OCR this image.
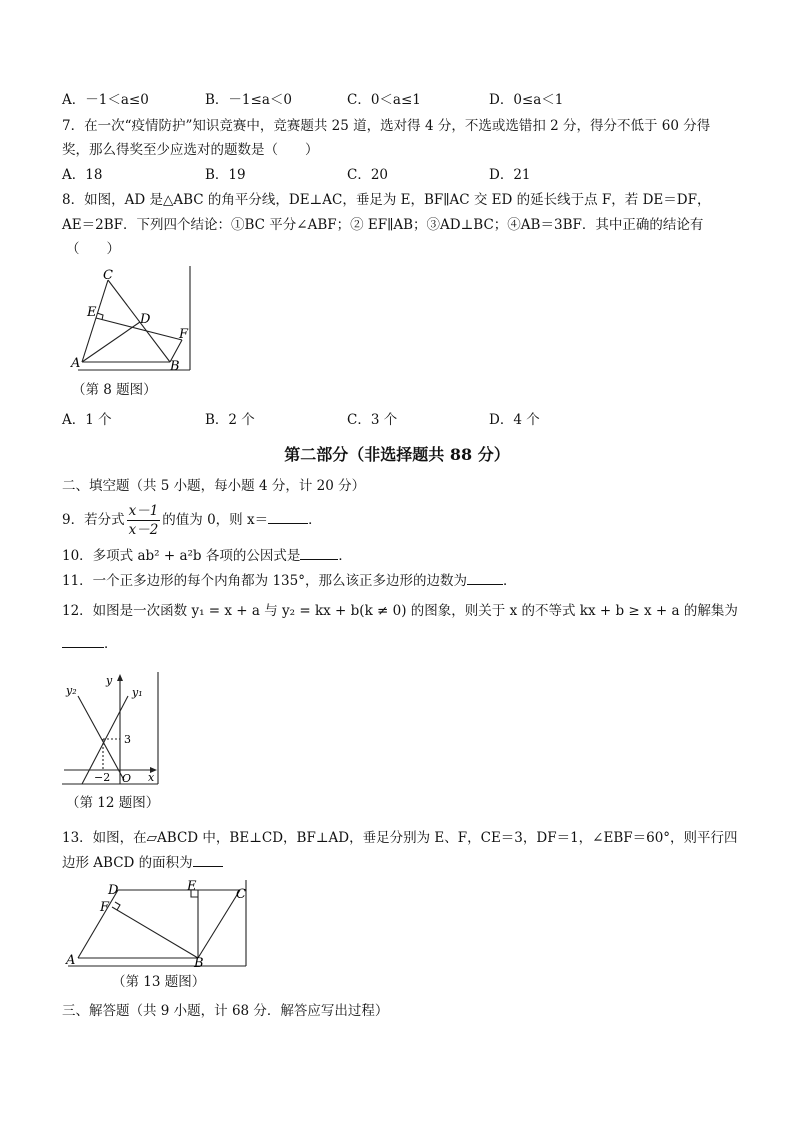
A．－1＜a≤0	B．－1≤a＜0	C．0＜a≤1	D．0≤a＜1
7．在一次“疫情防护”知识竞赛中，竞赛题共 25 道，选对得 4 分，不选或选错扣 2 分，得分不低于 60 分得
奖，那么得奖至少应选对的题数是（　　）
A．18	B．19	C．20	D．21
8．如图，AD 是△ABC 的角平分线，DE⊥AC，垂足为 E，BF∥AC 交 ED 的延长线于点 F，若 DE＝DF，
AE＝2BF．下列四个结论：①BC 平分∠ABF；② EF∥AB；③AD⊥BC；④AB＝3BF．其中正确的结论有
（　　）
C
E	D
F
A	B
（第 8 题图）
A．1 个	B．2 个	C．3 个	D．4 个
第二部分（非选择题共 88 分）
二、填空题（共 5 小题，每小题 4 分，计 20 分）
9．若分式 $\frac{x-1}{x-2}$ 的值为 0，则 x＝	．
10．多项式 ab² + a²b 各项的公因式是	．
11．一个正多边形的每个内角都为 135°，那么该正多边形的边数为	．
12．如图是一次函数 y₁ = x + a 与 y₂ = kx + b(k ≠ 0) 的图象，则关于 x 的不等式 kx + b ≥ x + a 的解集为
．
y₂
y
y₁
3
−2 O x
（第 12 题图）
13．如图，在▱ABCD 中，BE⊥CD，BF⊥AD，垂足分别为 E、F，CE＝3，DF＝1，∠EBF＝60°，则平行四
边形 ABCD 的面积为
D	E
C
F
A	B
（第 13 题图）
三、解答题（共 9 小题，计 68 分．解答应写出过程）
